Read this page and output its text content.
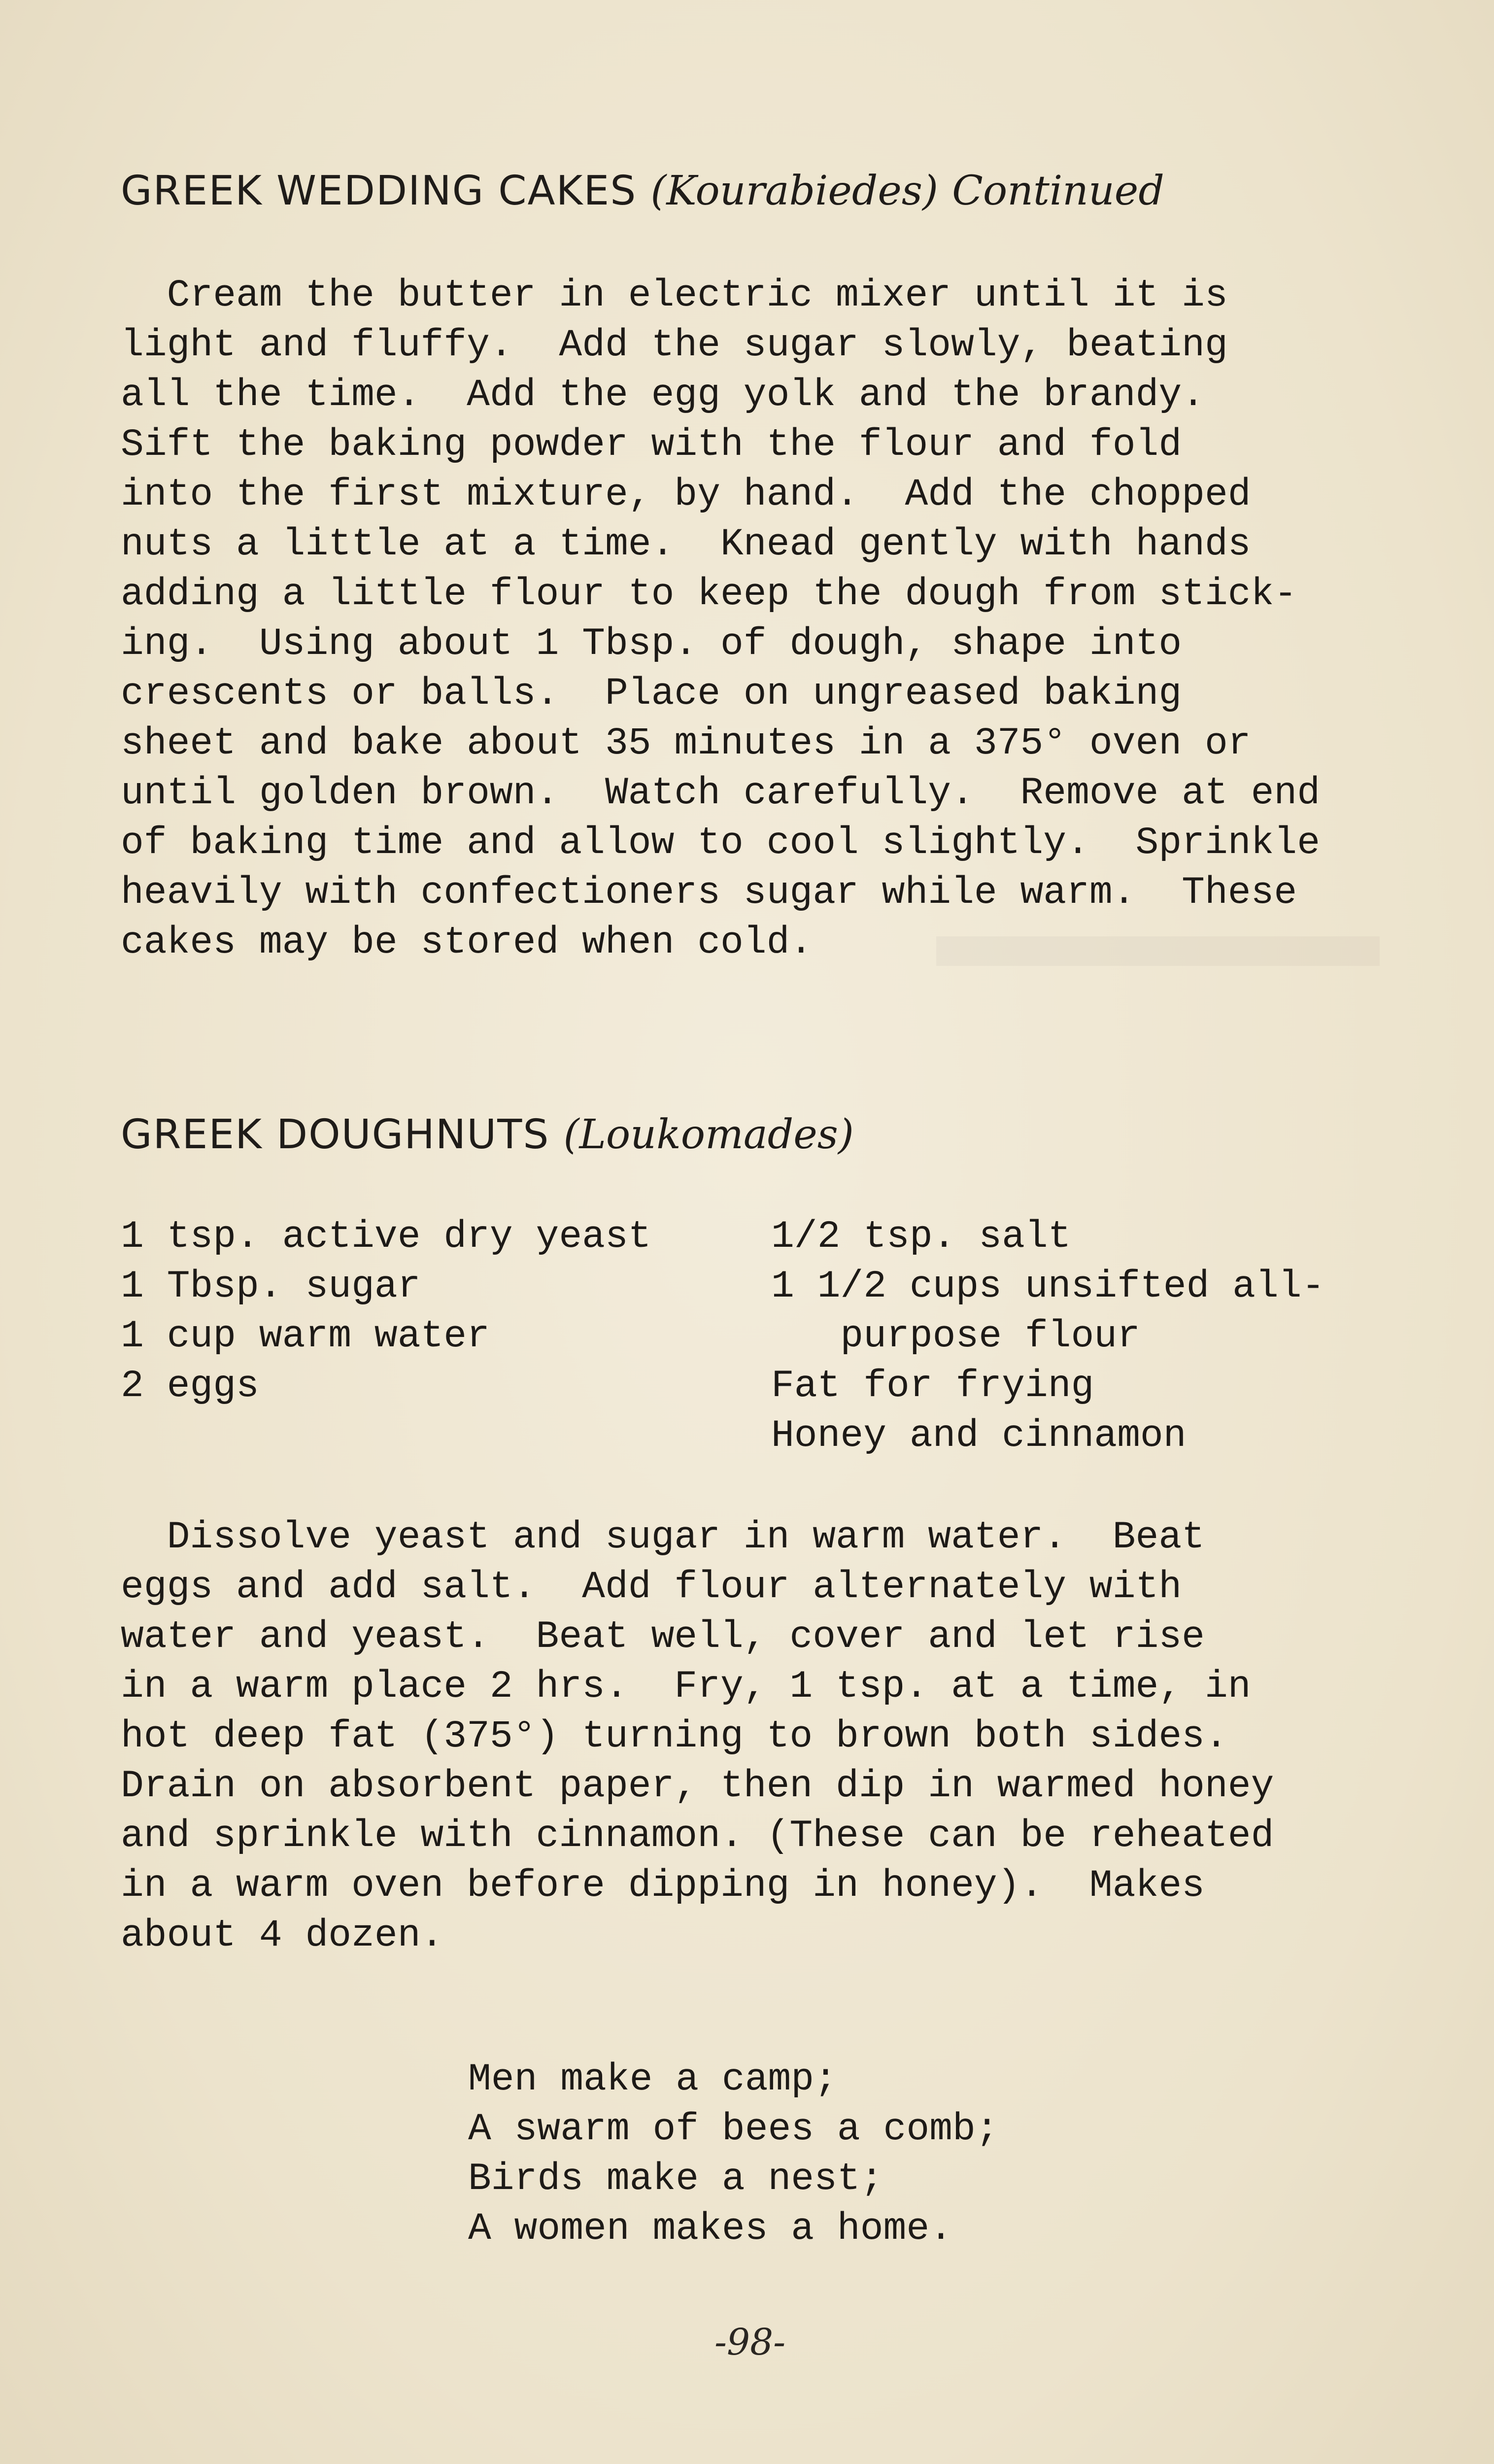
GREEK WEDDING CAKES (Kourabiedes) Continued
Cream the butter in electric mixer until it is
light and fluffy.  Add the sugar slowly, beating
all the time.  Add the egg yolk and the brandy.
Sift the baking powder with the flour and fold
into the first mixture, by hand.  Add the chopped
nuts a little at a time.  Knead gently with hands
adding a little flour to keep the dough from stick-
ing.  Using about 1 Tbsp. of dough, shape into
crescents or balls.  Place on ungreased baking
sheet and bake about 35 minutes in a 375° oven or
until golden brown.  Watch carefully.  Remove at end
of baking time and allow to cool slightly.  Sprinkle
heavily with confectioners sugar while warm.  These
cakes may be stored when cold.
GREEK DOUGHNUTS (Loukomades)
1 tsp. active dry yeast
1 Tbsp. sugar
1 cup warm water
2 eggs
1/2 tsp. salt
1 1/2 cups unsifted all-
purpose flour
Fat for frying
Honey and cinnamon
Dissolve yeast and sugar in warm water.  Beat
eggs and add salt.  Add flour alternately with
water and yeast.  Beat well, cover and let rise
in a warm place 2 hrs.  Fry, 1 tsp. at a time, in
hot deep fat (375°) turning to brown both sides.
Drain on absorbent paper, then dip in warmed honey
and sprinkle with cinnamon. (These can be reheated
in a warm oven before dipping in honey).  Makes
about 4 dozen.
Men make a camp;
A swarm of bees a comb;
Birds make a nest;
A women makes a home.
-98-
